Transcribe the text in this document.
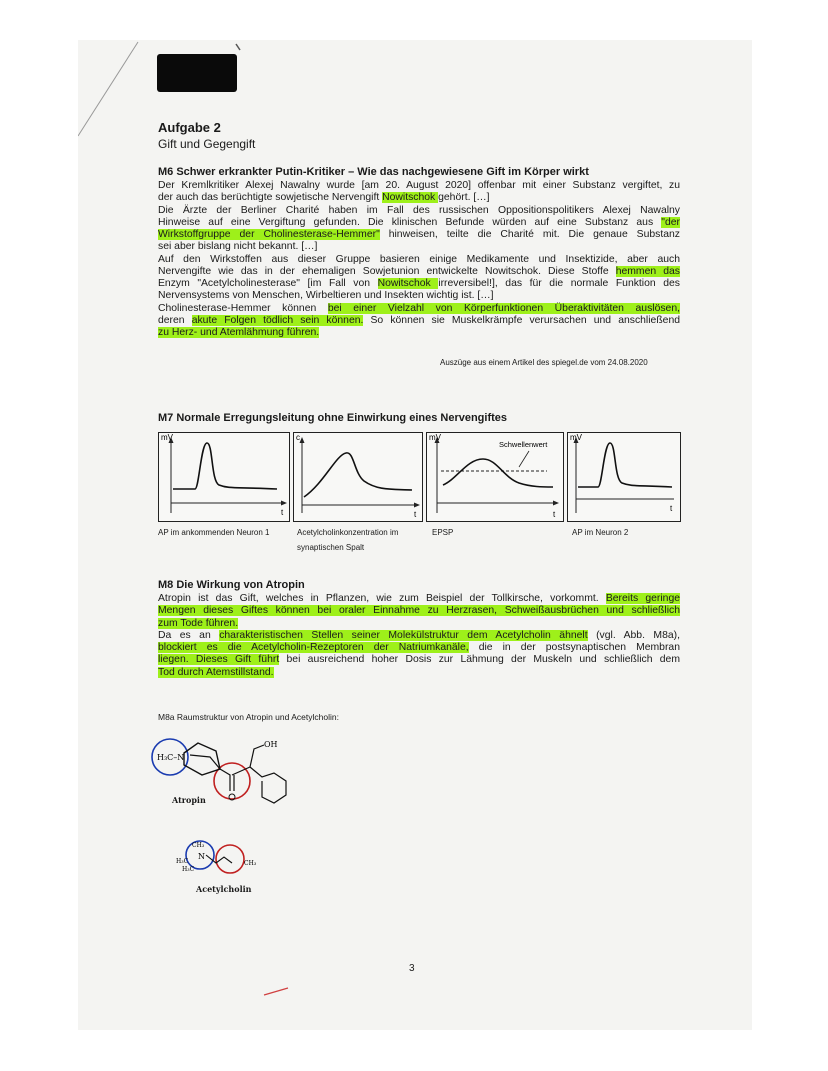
Aufgabe 2
Gift und Gegengift
M6 Schwer erkrankter Putin-Kritiker – Wie das nachgewiesene Gift im Körper wirkt
Der Kremlkritiker Alexej Nawalny wurde [am 20. August 2020] offenbar mit einer Substanz vergiftet, zu
der auch das berüchtigte sowjetische Nervengift Nowitschok gehört. […]
Die Ärzte der Berliner Charité haben im Fall des russischen Oppositionspolitikers Alexej Nawalny
Hinweise auf eine Vergiftung gefunden. Die klinischen Befunde würden auf eine Substanz aus "der
Wirkstoffgruppe der Cholinesterase-Hemmer" hinweisen, teilte die Charité mit. Die genaue Substanz
sei aber bislang nicht bekannt. […]
Auf den Wirkstoffen aus dieser Gruppe basieren einige Medikamente und Insektizide, aber auch
Nervengifte wie das in der ehemaligen Sowjetunion entwickelte Nowitschok. Diese Stoffe hemmen das
Enzym "Acetylcholinesterase" [im Fall von Nowitschok irreversibel!], das für die normale Funktion des
Nervensystems von Menschen, Wirbeltieren und Insekten wichtig ist. […]
Cholinesterase-Hemmer können bei einer Vielzahl von Körperfunktionen Überaktivitäten auslösen,
deren akute Folgen tödlich sein können. So können sie Muskelkrämpfe verursachen und anschließend
zu Herz- und Atemlähmung führen.
Auszüge aus einem Artikel des spiegel.de vom 24.08.2020
M7 Normale Erregungsleitung ohne Einwirkung eines Nervengiftes
mV
t
c
t
mV
Schwellenwert
t
mV
t
AP im ankommenden Neuron 1	Acetylcholinkonzentration im
synaptischen Spalt
EPSP	AP im Neuron 2
M8 Die Wirkung von Atropin
Atropin ist das Gift, welches in Pflanzen, wie zum Beispiel der Tollkirsche, vorkommt. Bereits geringe
Mengen dieses Giftes können bei oraler Einnahme zu Herzrasen, Schweißausbrüchen und schließlich
zum Tode führen.
Da es an charakteristischen Stellen seiner Molekülstruktur dem Acetylcholin ähnelt (vgl. Abb. M8a),
blockiert es die Acetylcholin-Rezeptoren der Natriumkanäle, die in der postsynaptischen Membran
liegen. Dieses Gift führt bei ausreichend hoher Dosis zur Lähmung der Muskeln und schließlich dem
Tod durch Atemstillstand.
M8a Raumstruktur von Atropin und Acetylcholin:
H₃C–N
OH
Atropin
CH₃
H₃C
H₃C
N
CH₃
Acetylcholin
3
